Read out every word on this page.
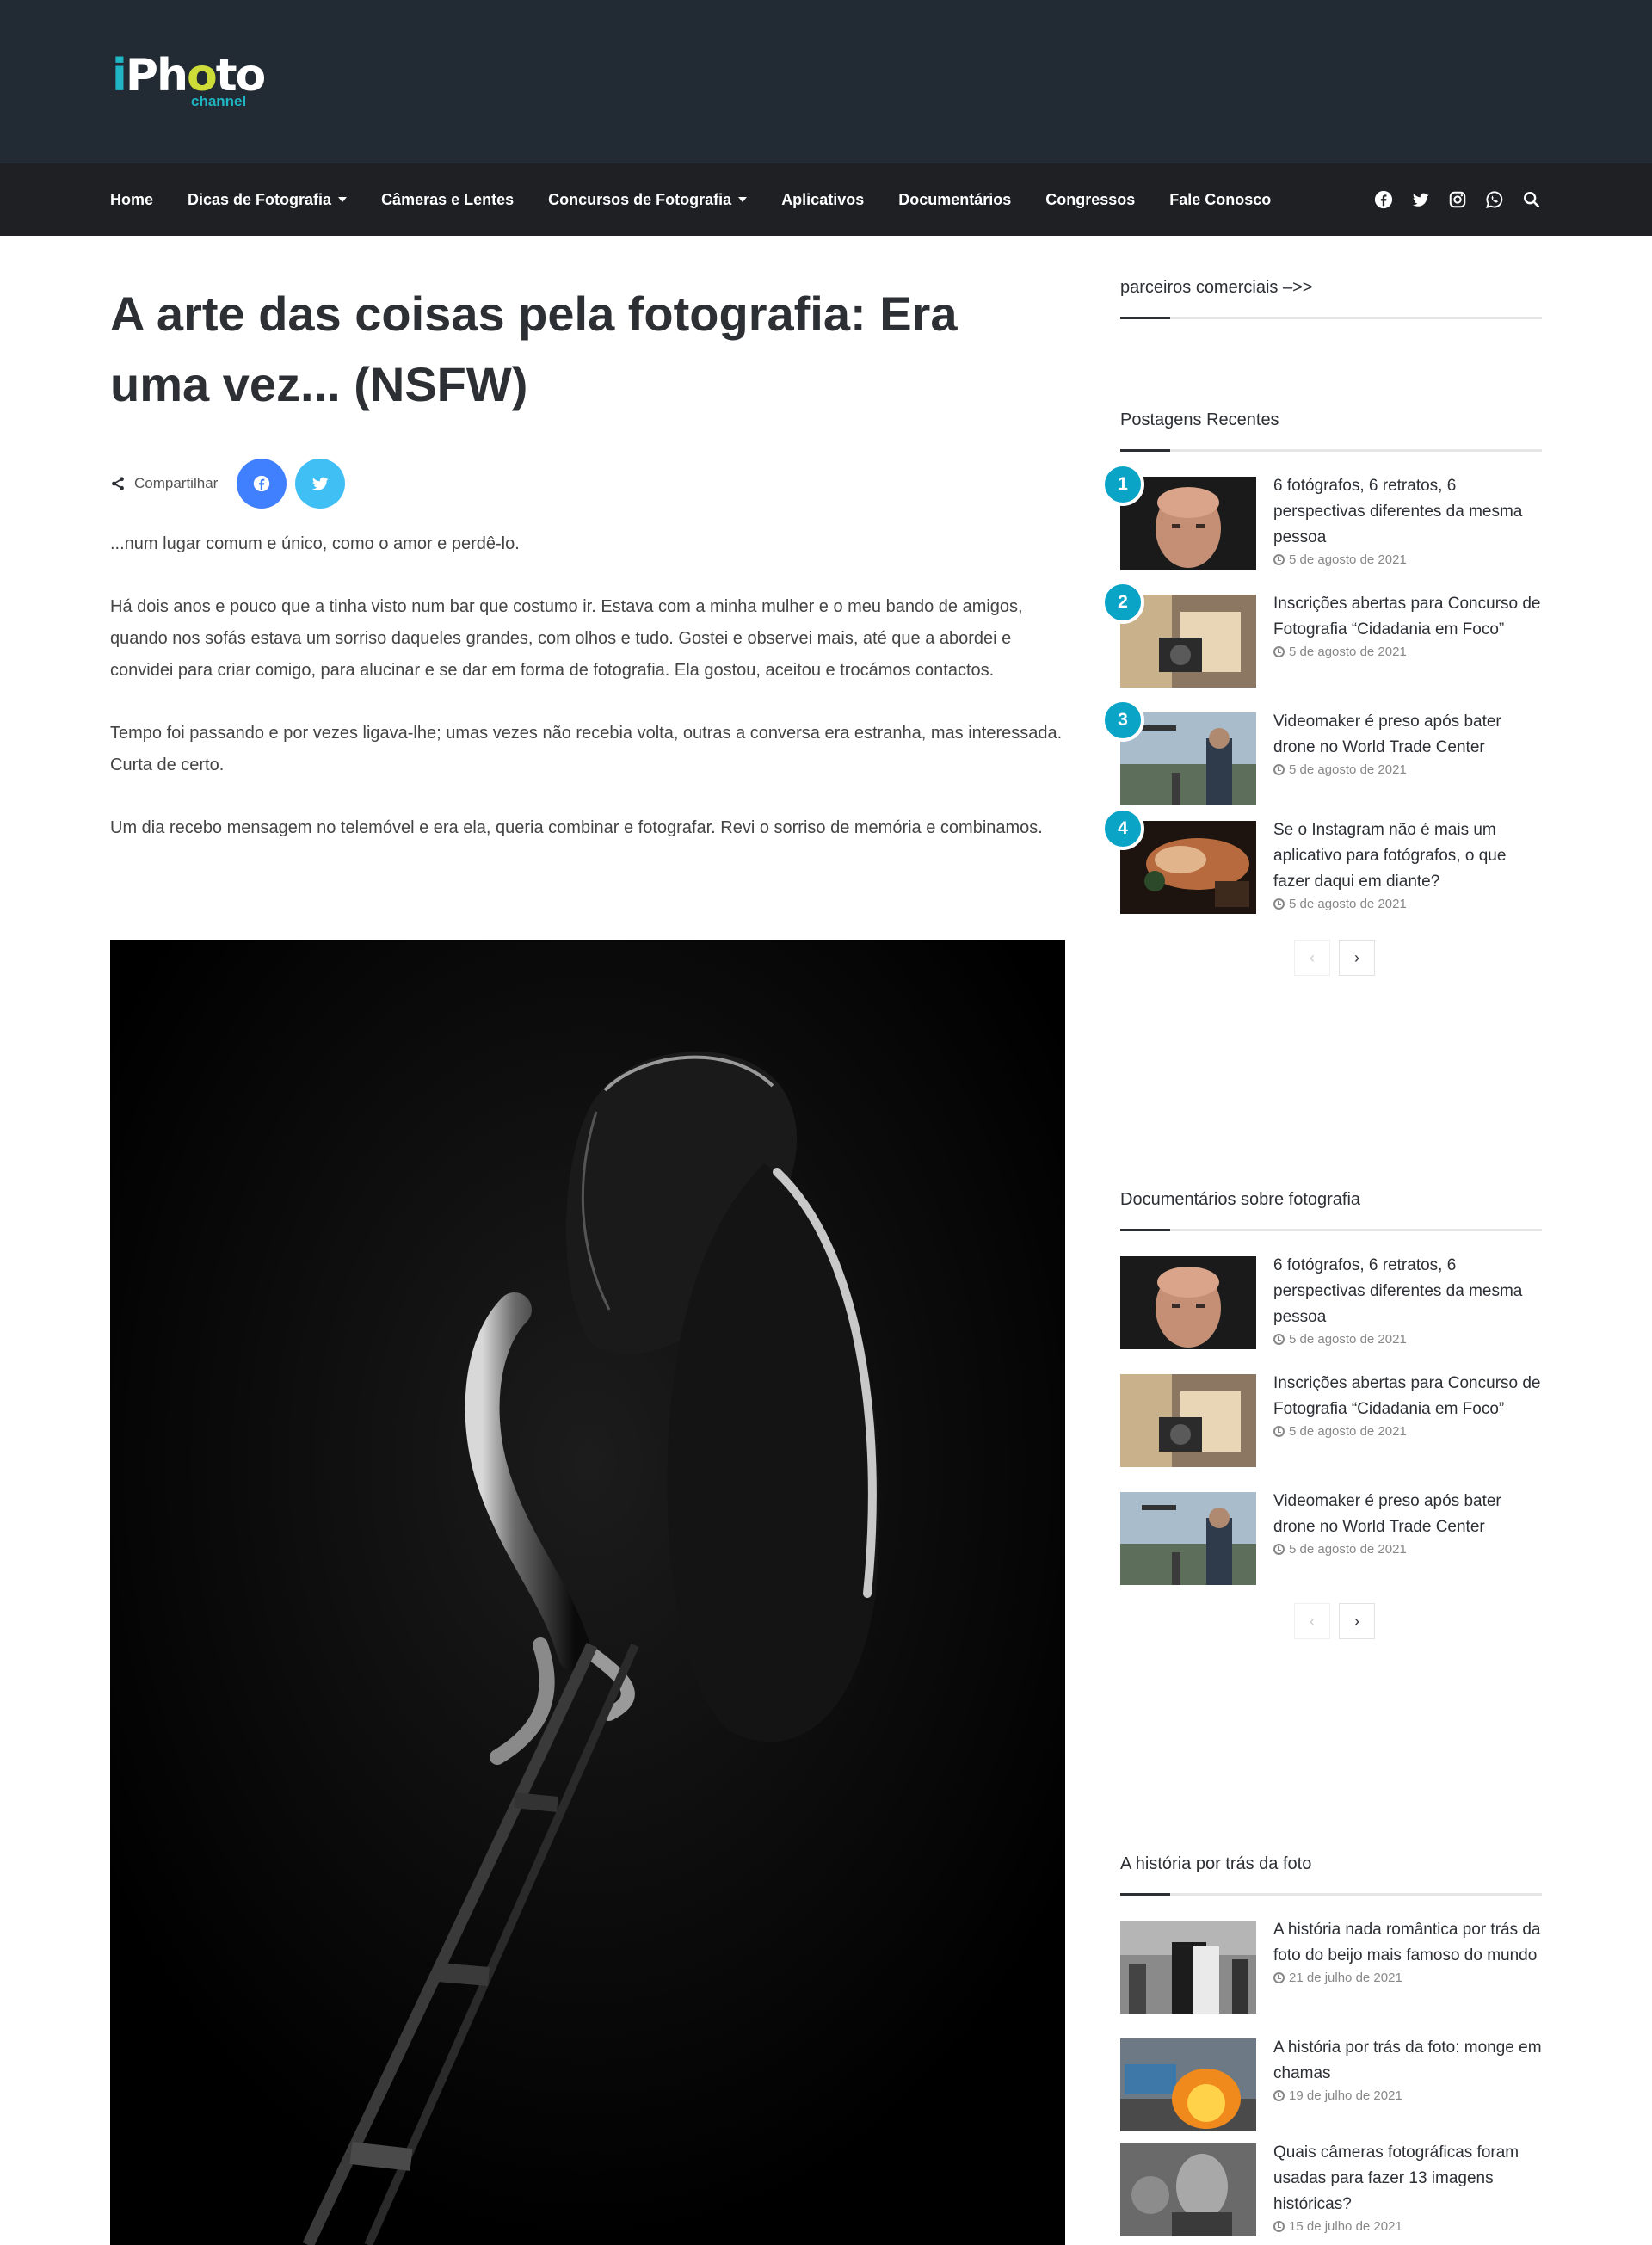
iPhoto
channel
Home Dicas de Fotografia	Câmeras e Lentes Concursos de Fotografia	Aplicativos Documentários Congressos Fale Conosco
A arte das coisas pela fotografia: Era uma vez... (NSFW)
Compartilhar

...num lugar comum e único, como o amor e perdê-lo.

Há dois anos e pouco que a tinha visto num bar que costumo ir. Estava com a minha mulher e o meu bando de amigos, quando nos sofás estava um sorriso daqueles grandes, com olhos e tudo. Gostei e observei mais, até que a abordei e convidei para criar comigo, para alucinar e se dar em forma de fotografia. Ela gostou, aceitou e trocámos contactos.

Tempo foi passando e por vezes ligava-lhe; umas vezes não recebia volta, outras a conversa era estranha, mas interessada. Curta de certo.

Um dia recebo mensagem no telemóvel e era ela, queria combinar e fotografar. Revi o sorriso de memória e combinamos.

parceiros comerciais –>>
Postagens Recentes
1	6 fotógrafos, 6 retratos, 6 perspectivas diferentes da mesma pessoa
5 de agosto de 2021
2	Inscrições abertas para Concurso de Fotografia “Cidadania em Foco”
5 de agosto de 2021
3	Videomaker é preso após bater drone no World Trade Center
5 de agosto de 2021
4	Se o Instagram não é mais um aplicativo para fotógrafos, o que fazer daqui em diante?
5 de agosto de 2021
‹	›
Documentários sobre fotografia
6 fotógrafos, 6 retratos, 6 perspectivas diferentes da mesma pessoa
5 de agosto de 2021
Inscrições abertas para Concurso de Fotografia “Cidadania em Foco”
5 de agosto de 2021
Videomaker é preso após bater drone no World Trade Center
5 de agosto de 2021
‹	›
A história por trás da foto
A história nada romântica por trás da foto do beijo mais famoso do mundo
21 de julho de 2021
A história por trás da foto: monge em chamas
19 de julho de 2021
Quais câmeras fotográficas foram usadas para fazer 13 imagens históricas?
15 de julho de 2021
